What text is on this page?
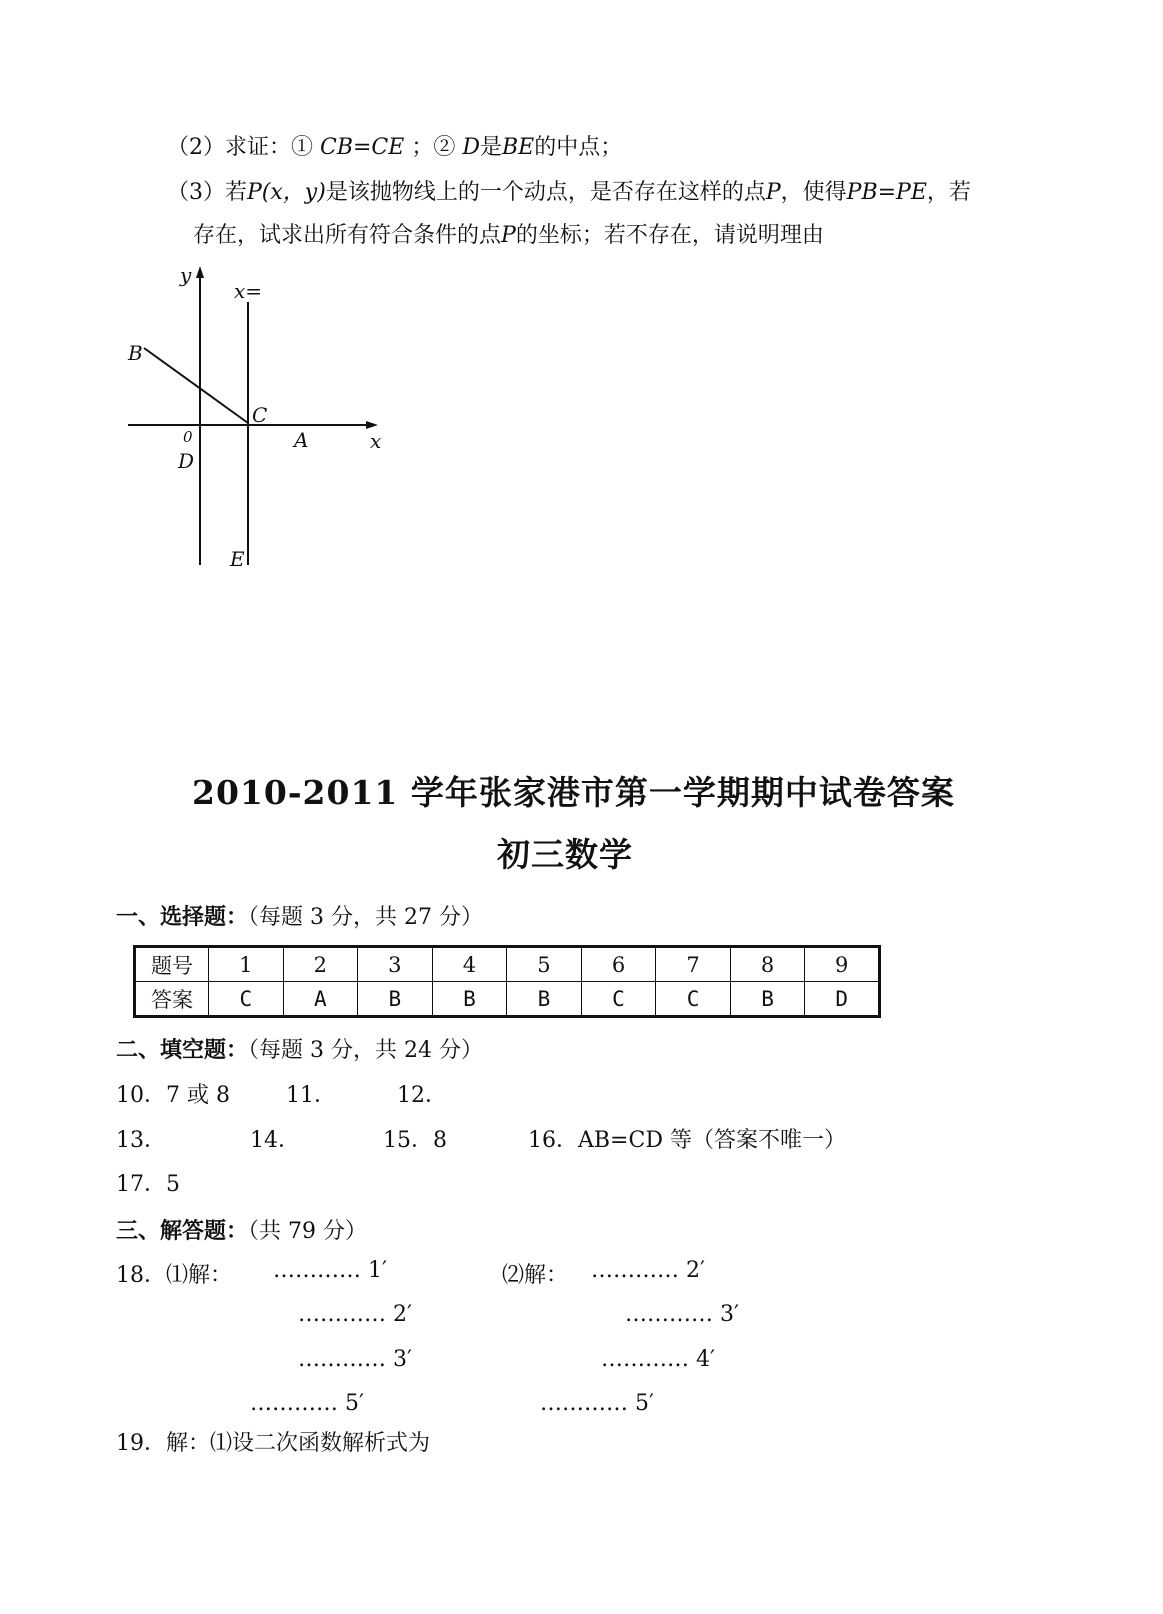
（2）求证：① CB=CE ；② D是BE的中点；
（3）若P(x，y)是该抛物线上的一个动点，是否存在这样的点P，使得PB=PE，若
存在，试求出所有符合条件的点P的坐标；若不存在，请说明理由
y
x=
B
C
0	A	x
D
E
2010-2011 学年张家港市第一学期期中试卷答案
初三数学
一、选择题：（每题 3 分，共 27 分）
题号	1	2	3	4	5	6	7	8	9
答案	C	A	B	B	B	C	C	B	D
二、填空题：（每题 3 分，共 24 分）
10．7 或 8	11．	12．
13．	14．	15．8	16．AB=CD 等（答案不唯一）
17．5
三、解答题：（共 79 分）
18．⑴解： ………… 1′	⑵解： ………… 2′
………… 2′	………… 3′
………… 3′	………… 4′
………… 5′	………… 5′
19．解：⑴设二次函数解析式为
